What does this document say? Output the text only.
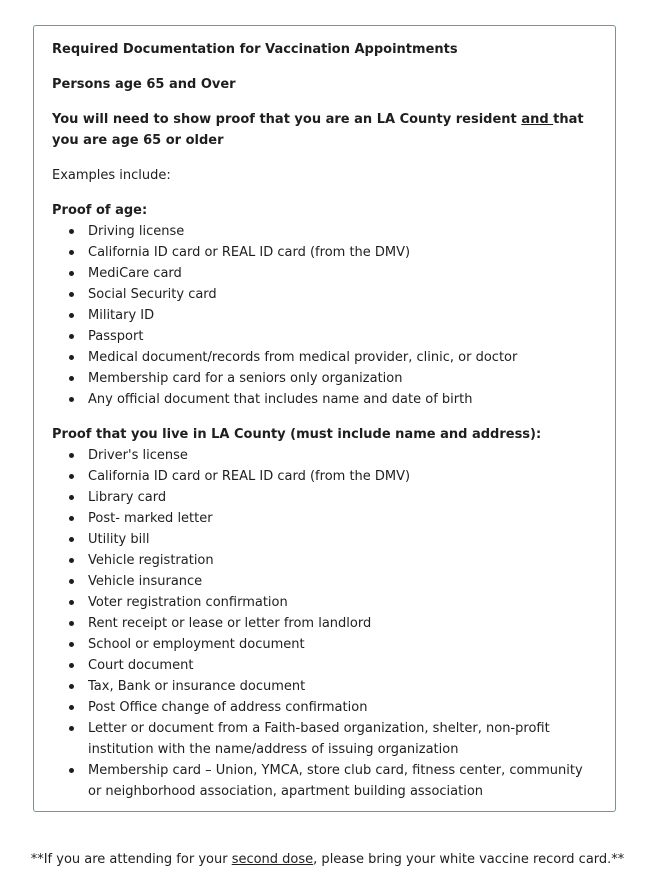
Required Documentation for Vaccination Appointments

Persons age 65 and Over

You will need to show proof that you are an LA County resident and that you are age 65 or older

Examples include:

Proof of age:
Driving license
California ID card or REAL ID card (from the DMV)
MediCare card
Social Security card
Military ID
Passport
Medical document/records from medical provider, clinic, or doctor
Membership card for a seniors only organization
Any official document that includes name and date of birth
Proof that you live in LA County (must include name and address):
Driver's license
California ID card or REAL ID card (from the DMV)
Library card
Post- marked letter
Utility bill
Vehicle registration
Vehicle insurance
Voter registration confirmation
Rent receipt or lease or letter from landlord
School or employment document
Court document
Tax, Bank or insurance document
Post Office change of address confirmation
Letter or document from a Faith-based organization, shelter, non-profit institution with the name/address of issuing organization
Membership card – Union, YMCA, store club card, fitness center, community or neighborhood association, apartment building association
**If you are attending for your second dose, please bring your white vaccine record card.**
